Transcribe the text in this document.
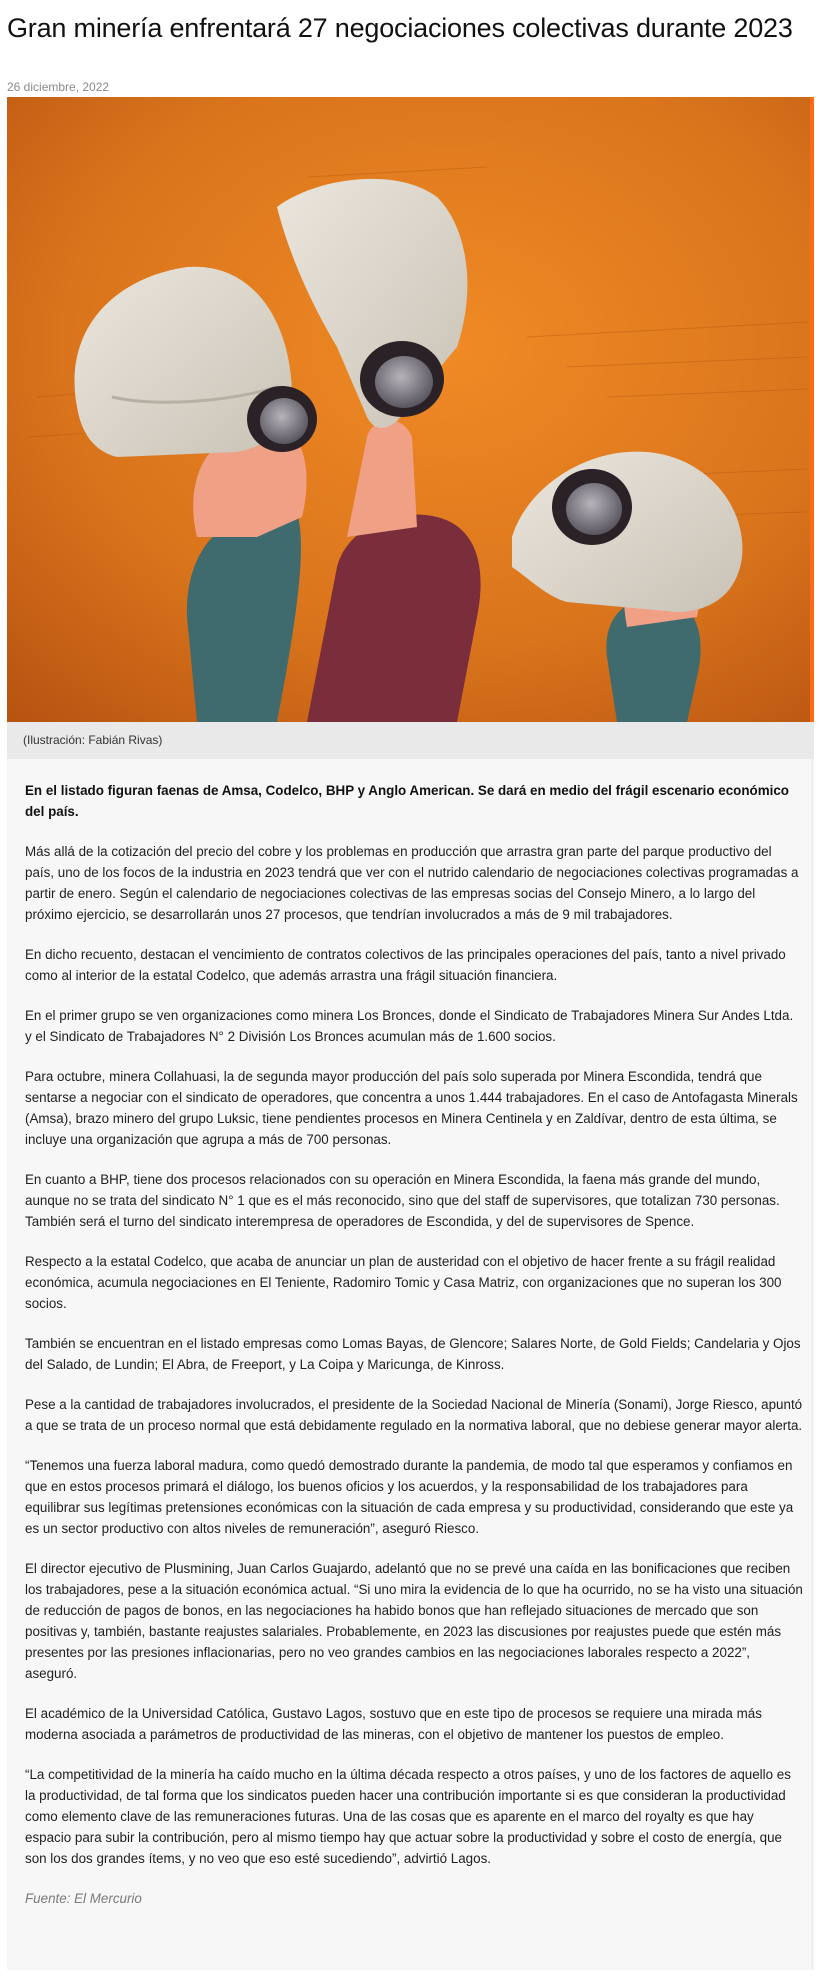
Gran minería enfrentará 27 negociaciones colectivas durante 2023
26 diciembre, 2022
(Ilustración: Fabián Rivas)

En el listado figuran faenas de Amsa, Codelco, BHP y Anglo American. Se dará en medio del frágil escenario económico del país.

Más allá de la cotización del precio del cobre y los problemas en producción que arrastra gran parte del parque productivo del país, uno de los focos de la industria en 2023 tendrá que ver con el nutrido calendario de negociaciones colectivas programadas a partir de enero. Según el calendario de negociaciones colectivas de las empresas socias del Consejo Minero, a lo largo del próximo ejercicio, se desarrollarán unos 27 procesos, que tendrían involucrados a más de 9 mil trabajadores.

En dicho recuento, destacan el vencimiento de contratos colectivos de las principales operaciones del país, tanto a nivel privado como al interior de la estatal Codelco, que además arrastra una frágil situación financiera.

En el primer grupo se ven organizaciones como minera Los Bronces, donde el Sindicato de Trabajadores Minera Sur Andes Ltda. y el Sindicato de Trabajadores N° 2 División Los Bronces acumulan más de 1.600 socios.

Para octubre, minera Collahuasi, la de segunda mayor producción del país solo superada por Minera Escondida, tendrá que sentarse a negociar con el sindicato de operadores, que concentra a unos 1.444 trabajadores. En el caso de Antofagasta Minerals (Amsa), brazo minero del grupo Luksic, tiene pendientes procesos en Minera Centinela y en Zaldívar, dentro de esta última, se incluye una organización que agrupa a más de 700 personas.

En cuanto a BHP, tiene dos procesos relacionados con su operación en Minera Escondida, la faena más grande del mundo, aunque no se trata del sindicato N° 1 que es el más reconocido, sino que del staff de supervisores, que totalizan 730 personas. También será el turno del sindicato interempresa de operadores de Escondida, y del de supervisores de Spence.

Respecto a la estatal Codelco, que acaba de anunciar un plan de austeridad con el objetivo de hacer frente a su frágil realidad económica, acumula negociaciones en El Teniente, Radomiro Tomic y Casa Matriz, con organizaciones que no superan los 300 socios.

También se encuentran en el listado empresas como Lomas Bayas, de Glencore; Salares Norte, de Gold Fields; Candelaria y Ojos del Salado, de Lundin; El Abra, de Freeport, y La Coipa y Maricunga, de Kinross.

Pese a la cantidad de trabajadores involucrados, el presidente de la Sociedad Nacional de Minería (Sonami), Jorge Riesco, apuntó a que se trata de un proceso normal que está debidamente regulado en la normativa laboral, que no debiese generar mayor alerta.

“Tenemos una fuerza laboral madura, como quedó demostrado durante la pandemia, de modo tal que esperamos y confiamos en que en estos procesos primará el diálogo, los buenos oficios y los acuerdos, y la responsabilidad de los trabajadores para equilibrar sus legítimas pretensiones económicas con la situación de cada empresa y su productividad, considerando que este ya es un sector productivo con altos niveles de remuneración”, aseguró Riesco.

El director ejecutivo de Plusmining, Juan Carlos Guajardo, adelantó que no se prevé una caída en las bonificaciones que reciben los trabajadores, pese a la situación económica actual. “Si uno mira la evidencia de lo que ha ocurrido, no se ha visto una situación de reducción de pagos de bonos, en las negociaciones ha habido bonos que han reflejado situaciones de mercado que son positivas y, también, bastante reajustes salariales. Probablemente, en 2023 las discusiones por reajustes puede que estén más presentes por las presiones inflacionarias, pero no veo grandes cambios en las negociaciones laborales respecto a 2022”, aseguró.

El académico de la Universidad Católica, Gustavo Lagos, sostuvo que en este tipo de procesos se requiere una mirada más moderna asociada a parámetros de productividad de las mineras, con el objetivo de mantener los puestos de empleo.

“La competitividad de la minería ha caído mucho en la última década respecto a otros países, y uno de los factores de aquello es la productividad, de tal forma que los sindicatos pueden hacer una contribución importante si es que consideran la productividad como elemento clave de las remuneraciones futuras. Una de las cosas que es aparente en el marco del royalty es que hay espacio para subir la contribución, pero al mismo tiempo hay que actuar sobre la productividad y sobre el costo de energía, que son los dos grandes ítems, y no veo que eso esté sucediendo”, advirtió Lagos.

Fuente: El Mercurio
